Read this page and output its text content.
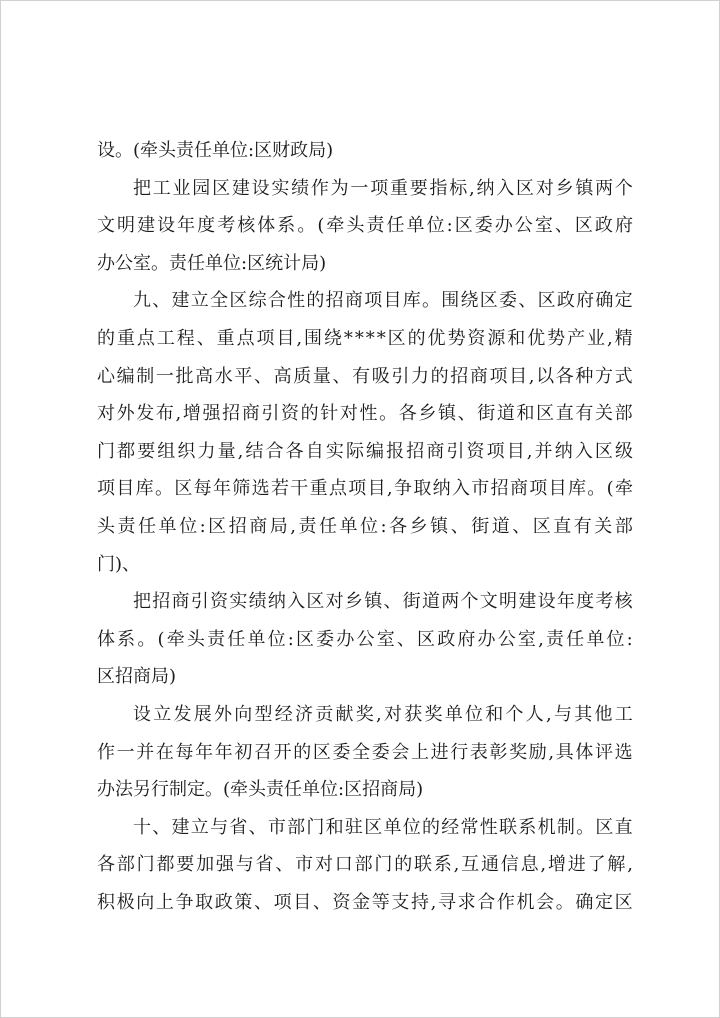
设。(牵头责任单位:区财政局)
把 工 业 园 区 建 设 实 绩 作 为 一 项 重 要 指 标 , 纳 入 区 对 乡 镇 两 个
文 明 建 设 年 度 考 核 体 系 。 ( 牵 头 责 任 单 位 : 区 委 办 公 室 、 区 政 府
办公室。责任单位:区统计局)
九 、 建 立 全 区 综 合 性 的 招 商 项 目 库 。 围 绕 区 委 、 区 政 府 确 定
的 重 点 工 程 、 重 点 项 目 , 围 绕 * * * * 区 的 优 势 资 源 和 优 势 产 业 , 精
心 编 制 一 批 高 水 平 、 高 质 量 、 有 吸 引 力 的 招 商 项 目 , 以 各 种 方 式
对 外 发 布 , 增 强 招 商 引 资 的 针 对 性 。 各 乡 镇 、 街 道 和 区 直 有 关 部
门 都 要 组 织 力 量 , 结 合 各 自 实 际 编 报 招 商 引 资 项 目 , 并 纳 入 区 级
项 目 库 。 区 每 年 筛 选 若 干 重 点 项 目 , 争 取 纳 入 市 招 商 项 目 库 。 ( 牵
头 责 任 单 位 : 区 招 商 局 , 责 任 单 位 : 各 乡 镇 、 街 道 、 区 直 有 关 部
门)、
把 招 商 引 资 实 绩 纳 入 区 对 乡 镇 、 街 道 两 个 文 明 建 设 年 度 考 核
体 系 。 ( 牵 头 责 任 单 位 : 区 委 办 公 室 、 区 政 府 办 公 室 , 责 任 单 位 :
区招商局)
设 立 发 展 外 向 型 经 济 贡 献 奖 , 对 获 奖 单 位 和 个 人 , 与 其 他 工
作 一 并 在 每 年 年 初 召 开 的 区 委 全 委 会 上 进 行 表 彰 奖 励 , 具 体 评 选
办法另行制定。(牵头责任单位:区招商局)
十 、 建 立 与 省 、 市 部 门 和 驻 区 单 位 的 经 常 性 联 系 机 制 。 区 直
各 部 门 都 要 加 强 与 省 、 市 对 口 部 门 的 联 系 , 互 通 信 息 , 增 进 了 解 ,
积 极 向 上 争 取 政 策 、 项 目 、 资 金 等 支 持 , 寻 求 合 作 机 会 。 确 定 区
